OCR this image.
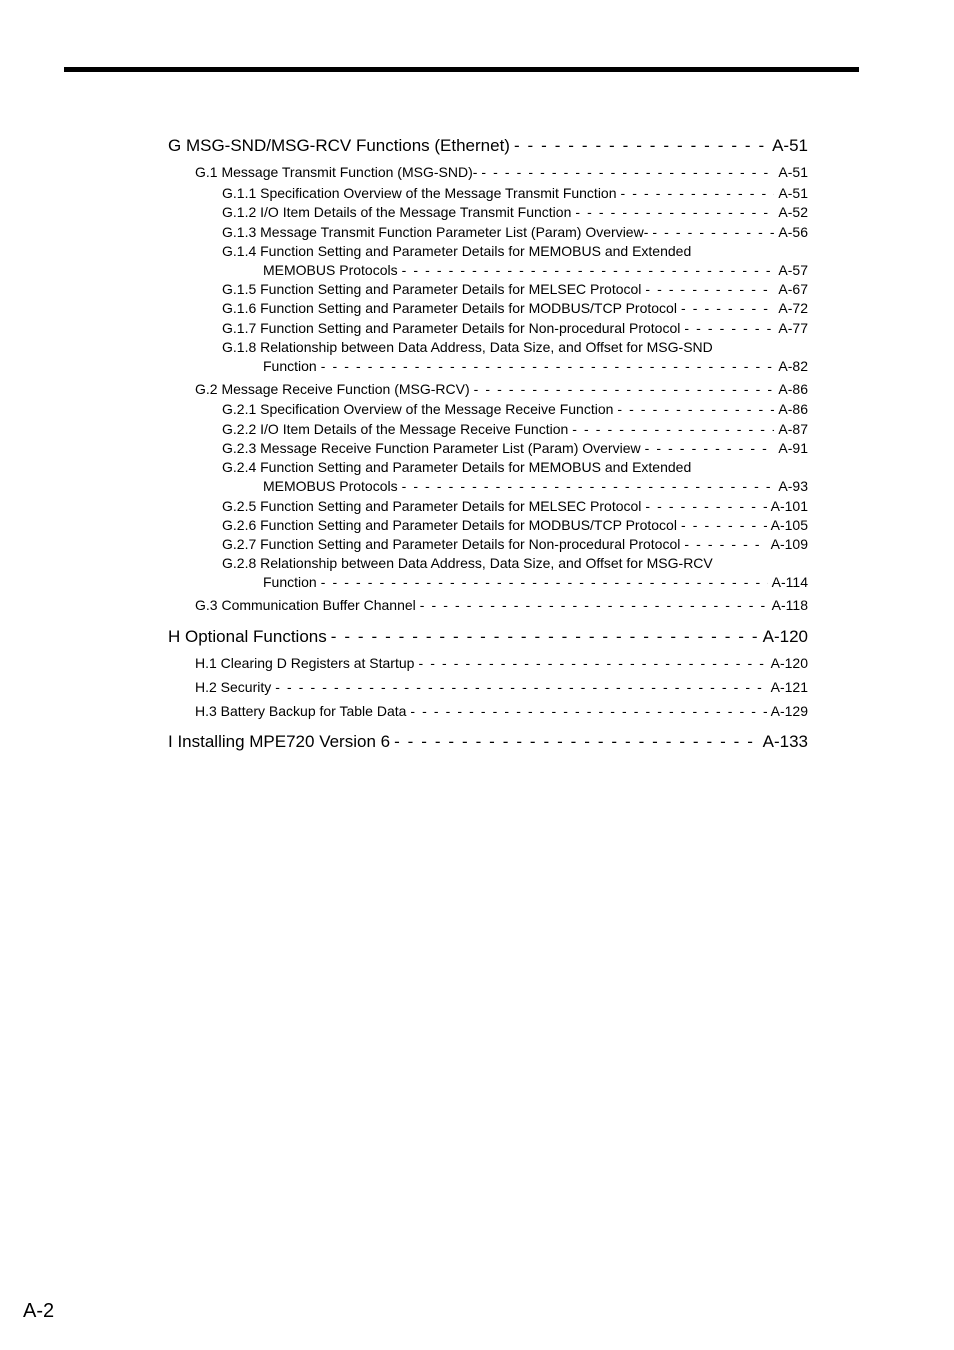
G MSG-SND/MSG-RCV Functions (Ethernet) - - -	A-51
G.1 Message Transmit Function (MSG-SND)- - - -	A-51
G.1.1 Specification Overview of the Message Transmit Function - - -	A-51
G.1.2 I/O Item Details of the Message Transmit Function - - -	A-52
G.1.3 Message Transmit Function Parameter List (Param) Overview- - - -	A-56
G.1.4 Function Setting and Parameter Details for MEMOBUS and Extended
MEMOBUS Protocols - - -	A-57
G.1.5 Function Setting and Parameter Details for MELSEC Protocol - - -	A-67
G.1.6 Function Setting and Parameter Details for MODBUS/TCP Protocol - - -	A-72
G.1.7 Function Setting and Parameter Details for Non-procedural Protocol - - -	A-77
G.1.8 Relationship between Data Address, Data Size, and Offset for MSG-SND
Function - - -	A-82
G.2 Message Receive Function (MSG-RCV) - - -	A-86
G.2.1 Specification Overview of the Message Receive Function - - -	A-86
G.2.2 I/O Item Details of the Message Receive Function - - -	A-87
G.2.3 Message Receive Function Parameter List (Param) Overview - - -	A-91
G.2.4 Function Setting and Parameter Details for MEMOBUS and Extended
MEMOBUS Protocols - - -	A-93
G.2.5 Function Setting and Parameter Details for MELSEC Protocol - - -	A-101
G.2.6 Function Setting and Parameter Details for MODBUS/TCP Protocol - - -	A-105
G.2.7 Function Setting and Parameter Details for Non-procedural Protocol - - -	A-109
G.2.8 Relationship between Data Address, Data Size, and Offset for MSG-RCV
Function - - -	A-114
G.3 Communication Buffer Channel - - -	A-118
H Optional Functions - - -	A-120
H.1 Clearing D Registers at Startup - - -	A-120
H.2 Security - - -	A-121
H.3 Battery Backup for Table Data - - -	A-129
I Installing MPE720 Version 6 - - -	A-133
A-2
